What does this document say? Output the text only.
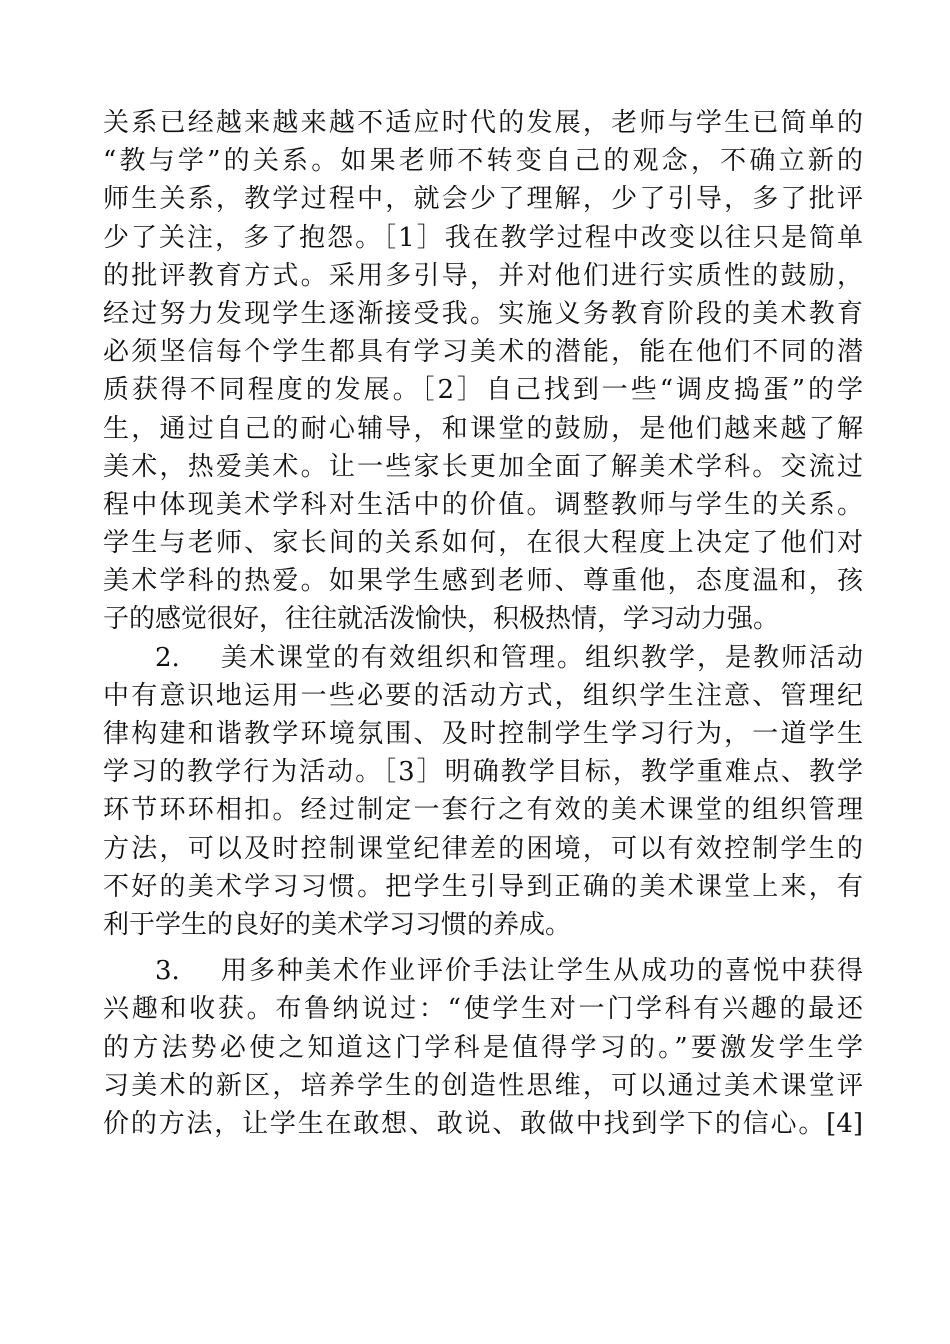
关系已经越来越来越不适应时代的发展，老师与学生已简单的
“教与学”的关系。如果老师不转变自己的观念，不确立新的
师生关系，教学过程中，就会少了理解，少了引导，多了批评
少了关注，多了抱怨。［1］我在教学过程中改变以往只是简单
的批评教育方式。采用多引导，并对他们进行实质性的鼓励，
经过努力发现学生逐渐接受我。实施义务教育阶段的美术教育
必须坚信每个学生都具有学习美术的潜能，能在他们不同的潜
质获得不同程度的发展。［2］自己找到一些“调皮捣蛋”的学
生，通过自己的耐心辅导，和课堂的鼓励，是他们越来越了解
美术，热爱美术。让一些家长更加全面了解美术学科。交流过
程中体现美术学科对生活中的价值。调整教师与学生的关系。
学生与老师、家长间的关系如何，在很大程度上决定了他们对
美术学科的热爱。如果学生感到老师、尊重他，态度温和，孩
子的感觉很好，往往就活泼愉快，积极热情，学习动力强。
2. 美术课堂的有效组织和管理。组织教学，是教师活动
中有意识地运用一些必要的活动方式，组织学生注意、管理纪
律构建和谐教学环境氛围、及时控制学生学习行为，一道学生
学习的教学行为活动。［3］明确教学目标，教学重难点、教学
环节环环相扣。经过制定一套行之有效的美术课堂的组织管理
方法，可以及时控制课堂纪律差的困境，可以有效控制学生的
不好的美术学习习惯。把学生引导到正确的美术课堂上来，有
利于学生的良好的美术学习习惯的养成。
3. 用多种美术作业评价手法让学生从成功的喜悦中获得
兴趣和收获。布鲁纳说过：“使学生对一门学科有兴趣的最还
的方法势必使之知道这门学科是值得学习的。”要激发学生学
习美术的新区，培养学生的创造性思维，可以通过美术课堂评
价的方法，让学生在敢想、敢说、敢做中找到学下的信心。[4]
